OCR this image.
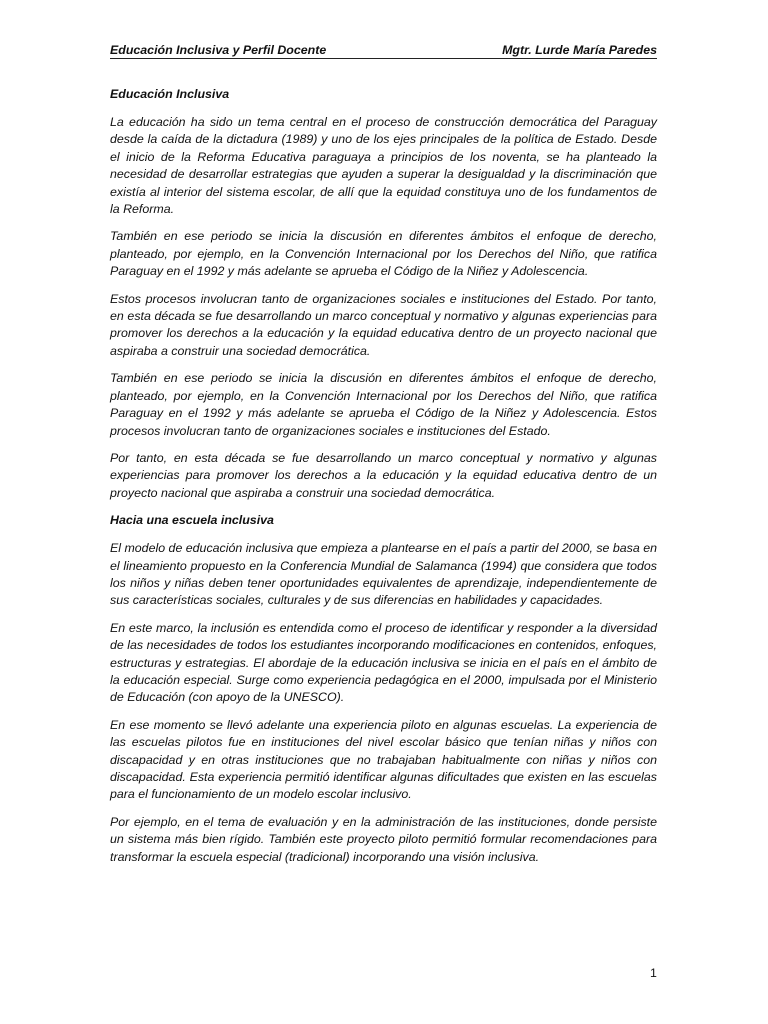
Educación Inclusiva y Perfil Docente	Mgtr. Lurde María Paredes
Educación Inclusiva

La educación ha sido un tema central en el proceso de construcción democrática del Paraguay desde la caída de la dictadura (1989) y uno de los ejes principales de la política de Estado. Desde el inicio de la Reforma Educativa paraguaya a principios de los noventa, se ha planteado la necesidad de desarrollar estrategias que ayuden a superar la desigualdad y la discriminación que existía al interior del sistema escolar, de allí que la equidad constituya uno de los fundamentos de la Reforma.

También en ese periodo se inicia la discusión en diferentes ámbitos el enfoque de derecho, planteado, por ejemplo, en la Convención Internacional por los Derechos del Niño, que ratifica Paraguay en el 1992 y más adelante se aprueba el Código de la Niñez y Adolescencia.

Estos procesos involucran tanto de organizaciones sociales e instituciones del Estado. Por tanto, en esta década se fue desarrollando un marco conceptual y normativo y algunas experiencias para promover los derechos a la educación y la equidad educativa dentro de un proyecto nacional que aspiraba a construir una sociedad democrática.

También en ese periodo se inicia la discusión en diferentes ámbitos el enfoque de derecho, planteado, por ejemplo, en la Convención Internacional por los Derechos del Niño, que ratifica Paraguay en el 1992 y más adelante se aprueba el Código de la Niñez y Adolescencia. Estos procesos involucran tanto de organizaciones sociales e instituciones del Estado.

Por tanto, en esta década se fue desarrollando un marco conceptual y normativo y algunas experiencias para promover los derechos a la educación y la equidad educativa dentro de un proyecto nacional que aspiraba a construir una sociedad democrática.

Hacia una escuela inclusiva

El modelo de educación inclusiva que empieza a plantearse en el país a partir del 2000, se basa en el lineamiento propuesto en la Conferencia Mundial de Salamanca (1994) que considera que todos los niños y niñas deben tener oportunidades equivalentes de aprendizaje, independientemente de sus características sociales, culturales y de sus diferencias en habilidades y capacidades.

En este marco, la inclusión es entendida como el proceso de identificar y responder a la diversidad de las necesidades de todos los estudiantes incorporando modificaciones en contenidos, enfoques, estructuras y estrategias. El abordaje de la educación inclusiva se inicia en el país en el ámbito de la educación especial. Surge como experiencia pedagógica en el 2000, impulsada por el Ministerio de Educación (con apoyo de la UNESCO).

En ese momento se llevó adelante una experiencia piloto en algunas escuelas. La experiencia de las escuelas pilotos fue en instituciones del nivel escolar básico que tenían niñas y niños con discapacidad y en otras instituciones que no trabajaban habitualmente con niñas y niños con discapacidad. Esta experiencia permitió identificar algunas dificultades que existen en las escuelas para el funcionamiento de un modelo escolar inclusivo.

Por ejemplo, en el tema de evaluación y en la administración de las instituciones, donde persiste un sistema más bien rígido. También este proyecto piloto permitió formular recomendaciones para transformar la escuela especial (tradicional) incorporando una visión inclusiva.

1
